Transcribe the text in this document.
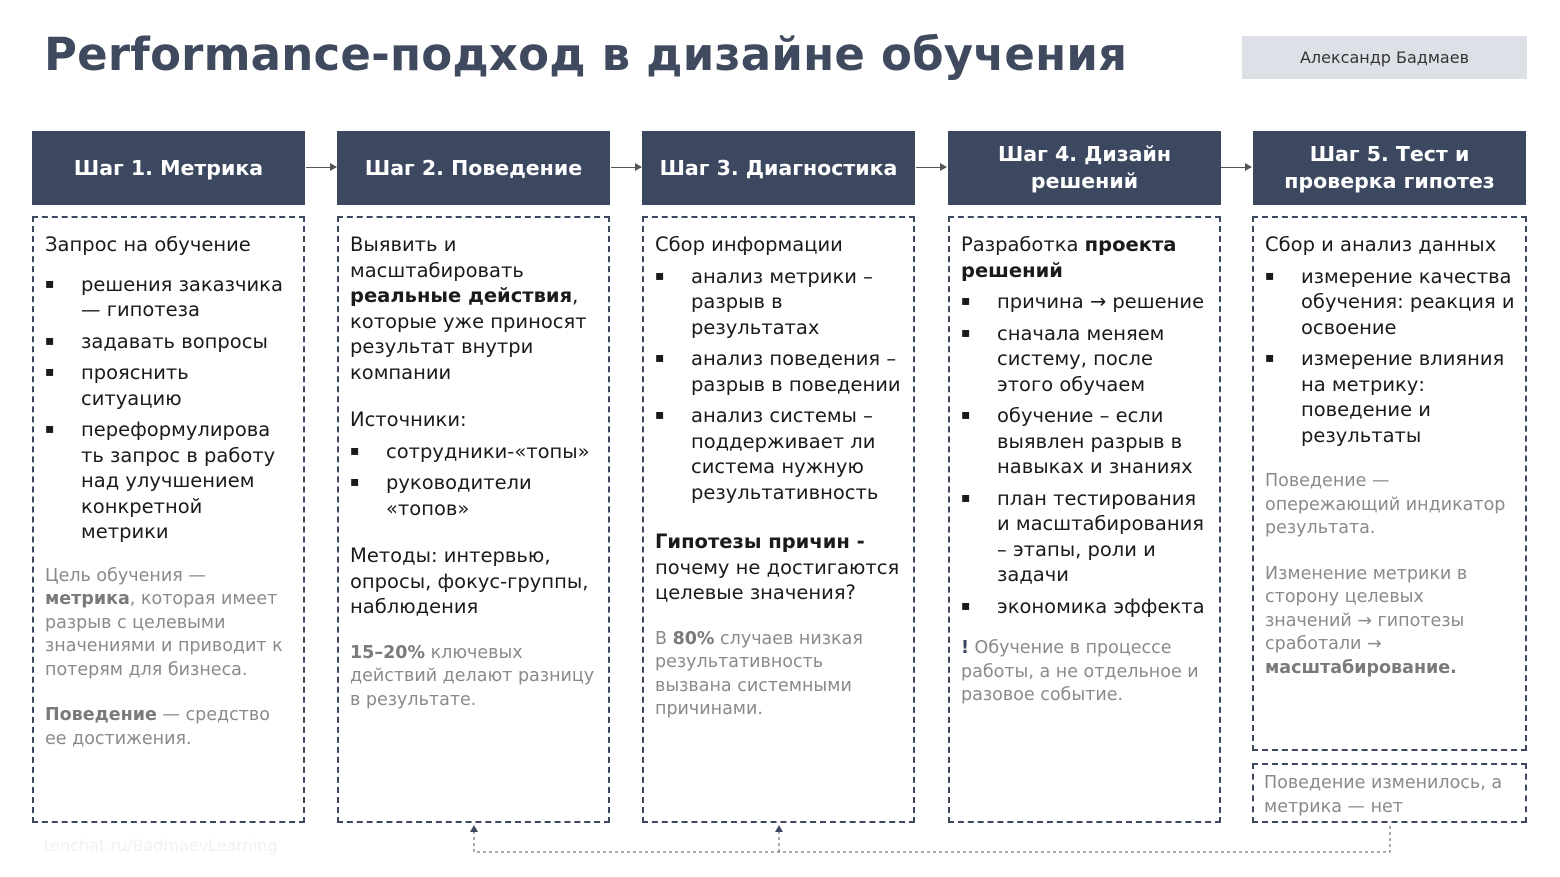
Performance-подход в дизайне обучения	Александр Бадмаев
Шаг 1. Метрика	Шаг 2. Поведение	Шаг 3. Диагностика
Шаг 4. Дизайн решений
Шаг 5. Тест и проверка гипотез

Запрос на обучение

▪ решения заказчика — гипотеза
▪ задавать вопросы
▪ прояснить ситуацию
▪ переформулирова ть запрос в работу над улучшением конкретной метрики

Цель обучения — метрика, которая имеет разрыв с целевыми значениями и приводит к потерям для бизнеса.

Поведение — средство ее достижения.

Выявить и масштабировать реальные действия, которые уже приносят результат внутри компании

Источники:

▪ сотрудники-«топы»
▪ руководители «топов»

Методы: интервью, опросы, фокус-группы, наблюдения

15–20% ключевых действий делают разницу в результате.

Сбор информации

▪ анализ метрики – разрыв в результатах
▪ анализ поведения – разрыв в поведении
▪ анализ системы – поддерживает ли система нужную результативность

Гипотезы причин - почему не достигаются целевые значения?

В 80% случаев низкая результативность вызвана системными причинами.

Разработка проекта решений

▪ причина → решение
▪ сначала меняем систему, после этого обучаем
▪ обучение – если выявлен разрыв в навыках и знаниях
▪ план тестирования и масштабирования – этапы, роли и задачи
▪ экономика эффекта

! Обучение в процессе работы, а не отдельное и разовое событие.

Сбор и анализ данных

▪ измерение качества обучения: реакция и освоение
▪ измерение влияния на метрику: поведение и результаты

Поведение — опережающий индикатор результата.

Изменение метрики в сторону целевых значений → гипотезы сработали → масштабирование.

Поведение изменилось, а метрика — нет
tenchat.ru/BadmaevLearning
